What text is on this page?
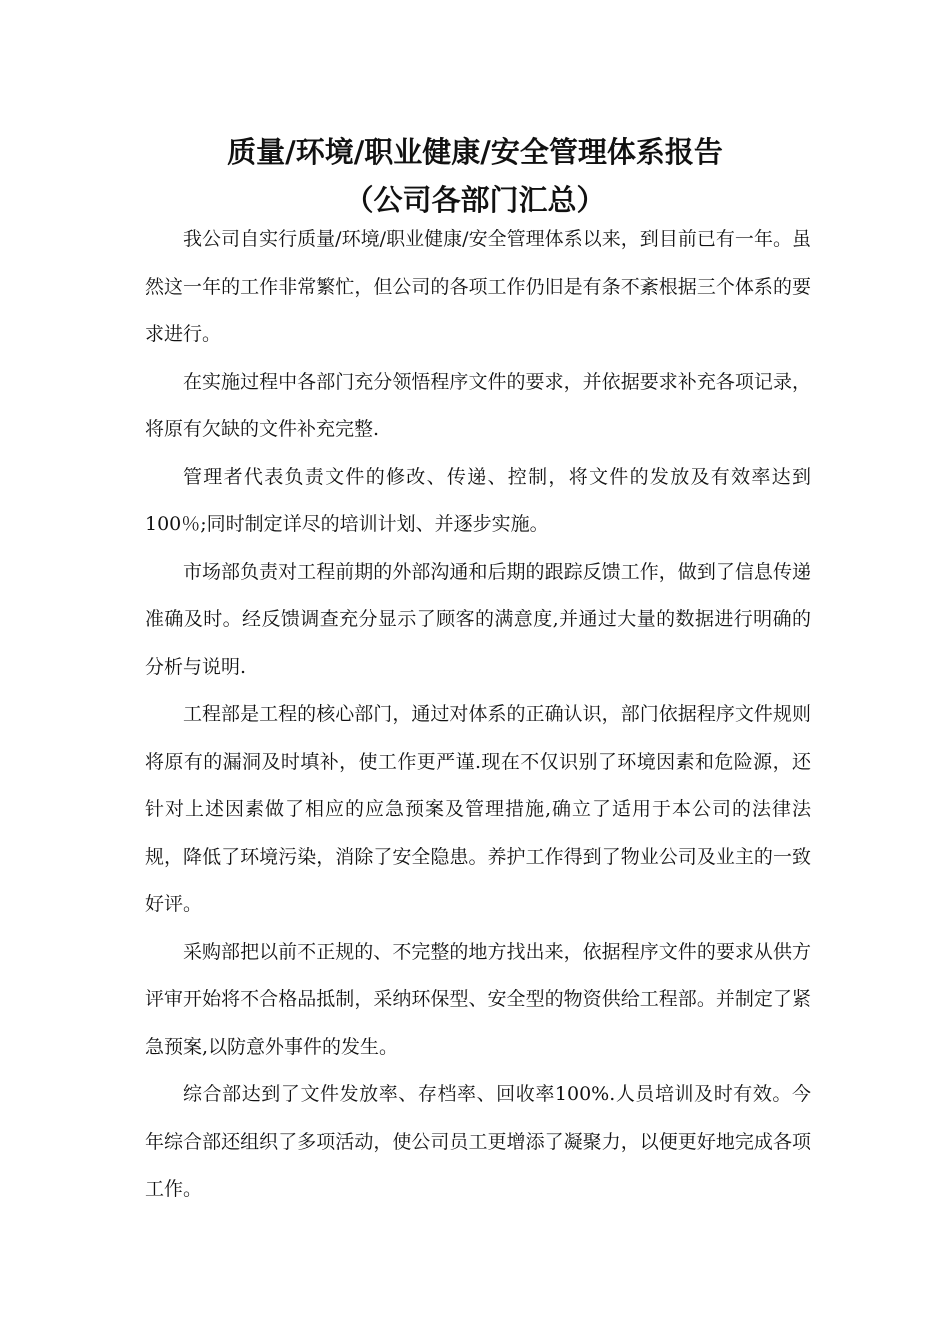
质量/环境/职业健康/安全管理体系报告
（公司各部门汇总）

我公司自实行质量/环境/职业健康/安全管理体系以来，到目前已有一年。虽然这一年的工作非常繁忙，但公司的各项工作仍旧是有条不紊根据三个体系的要求进行。

在实施过程中各部门充分领悟程序文件的要求，并依据要求补充各项记录，将原有欠缺的文件补充完整.

管理者代表负责文件的修改、传递、控制，将文件的发放及有效率达到100％;同时制定详尽的培训计划、并逐步实施。

市场部负责对工程前期的外部沟通和后期的跟踪反馈工作，做到了信息传递准确及时。经反馈调查充分显示了顾客的满意度,并通过大量的数据进行明确的分析与说明.

工程部是工程的核心部门，通过对体系的正确认识，部门依据程序文件规则将原有的漏洞及时填补，使工作更严谨.现在不仅识别了环境因素和危险源，还针对上述因素做了相应的应急预案及管理措施,确立了适用于本公司的法律法规，降低了环境污染，消除了安全隐患。养护工作得到了物业公司及业主的一致好评。

采购部把以前不正规的、不完整的地方找出来，依据程序文件的要求从供方评审开始将不合格品抵制，采纳环保型、安全型的物资供给工程部。并制定了紧急预案,以防意外事件的发生。

综合部达到了文件发放率、存档率、回收率100%.人员培训及时有效。今年综合部还组织了多项活动，使公司员工更增添了凝聚力，以便更好地完成各项工作。
